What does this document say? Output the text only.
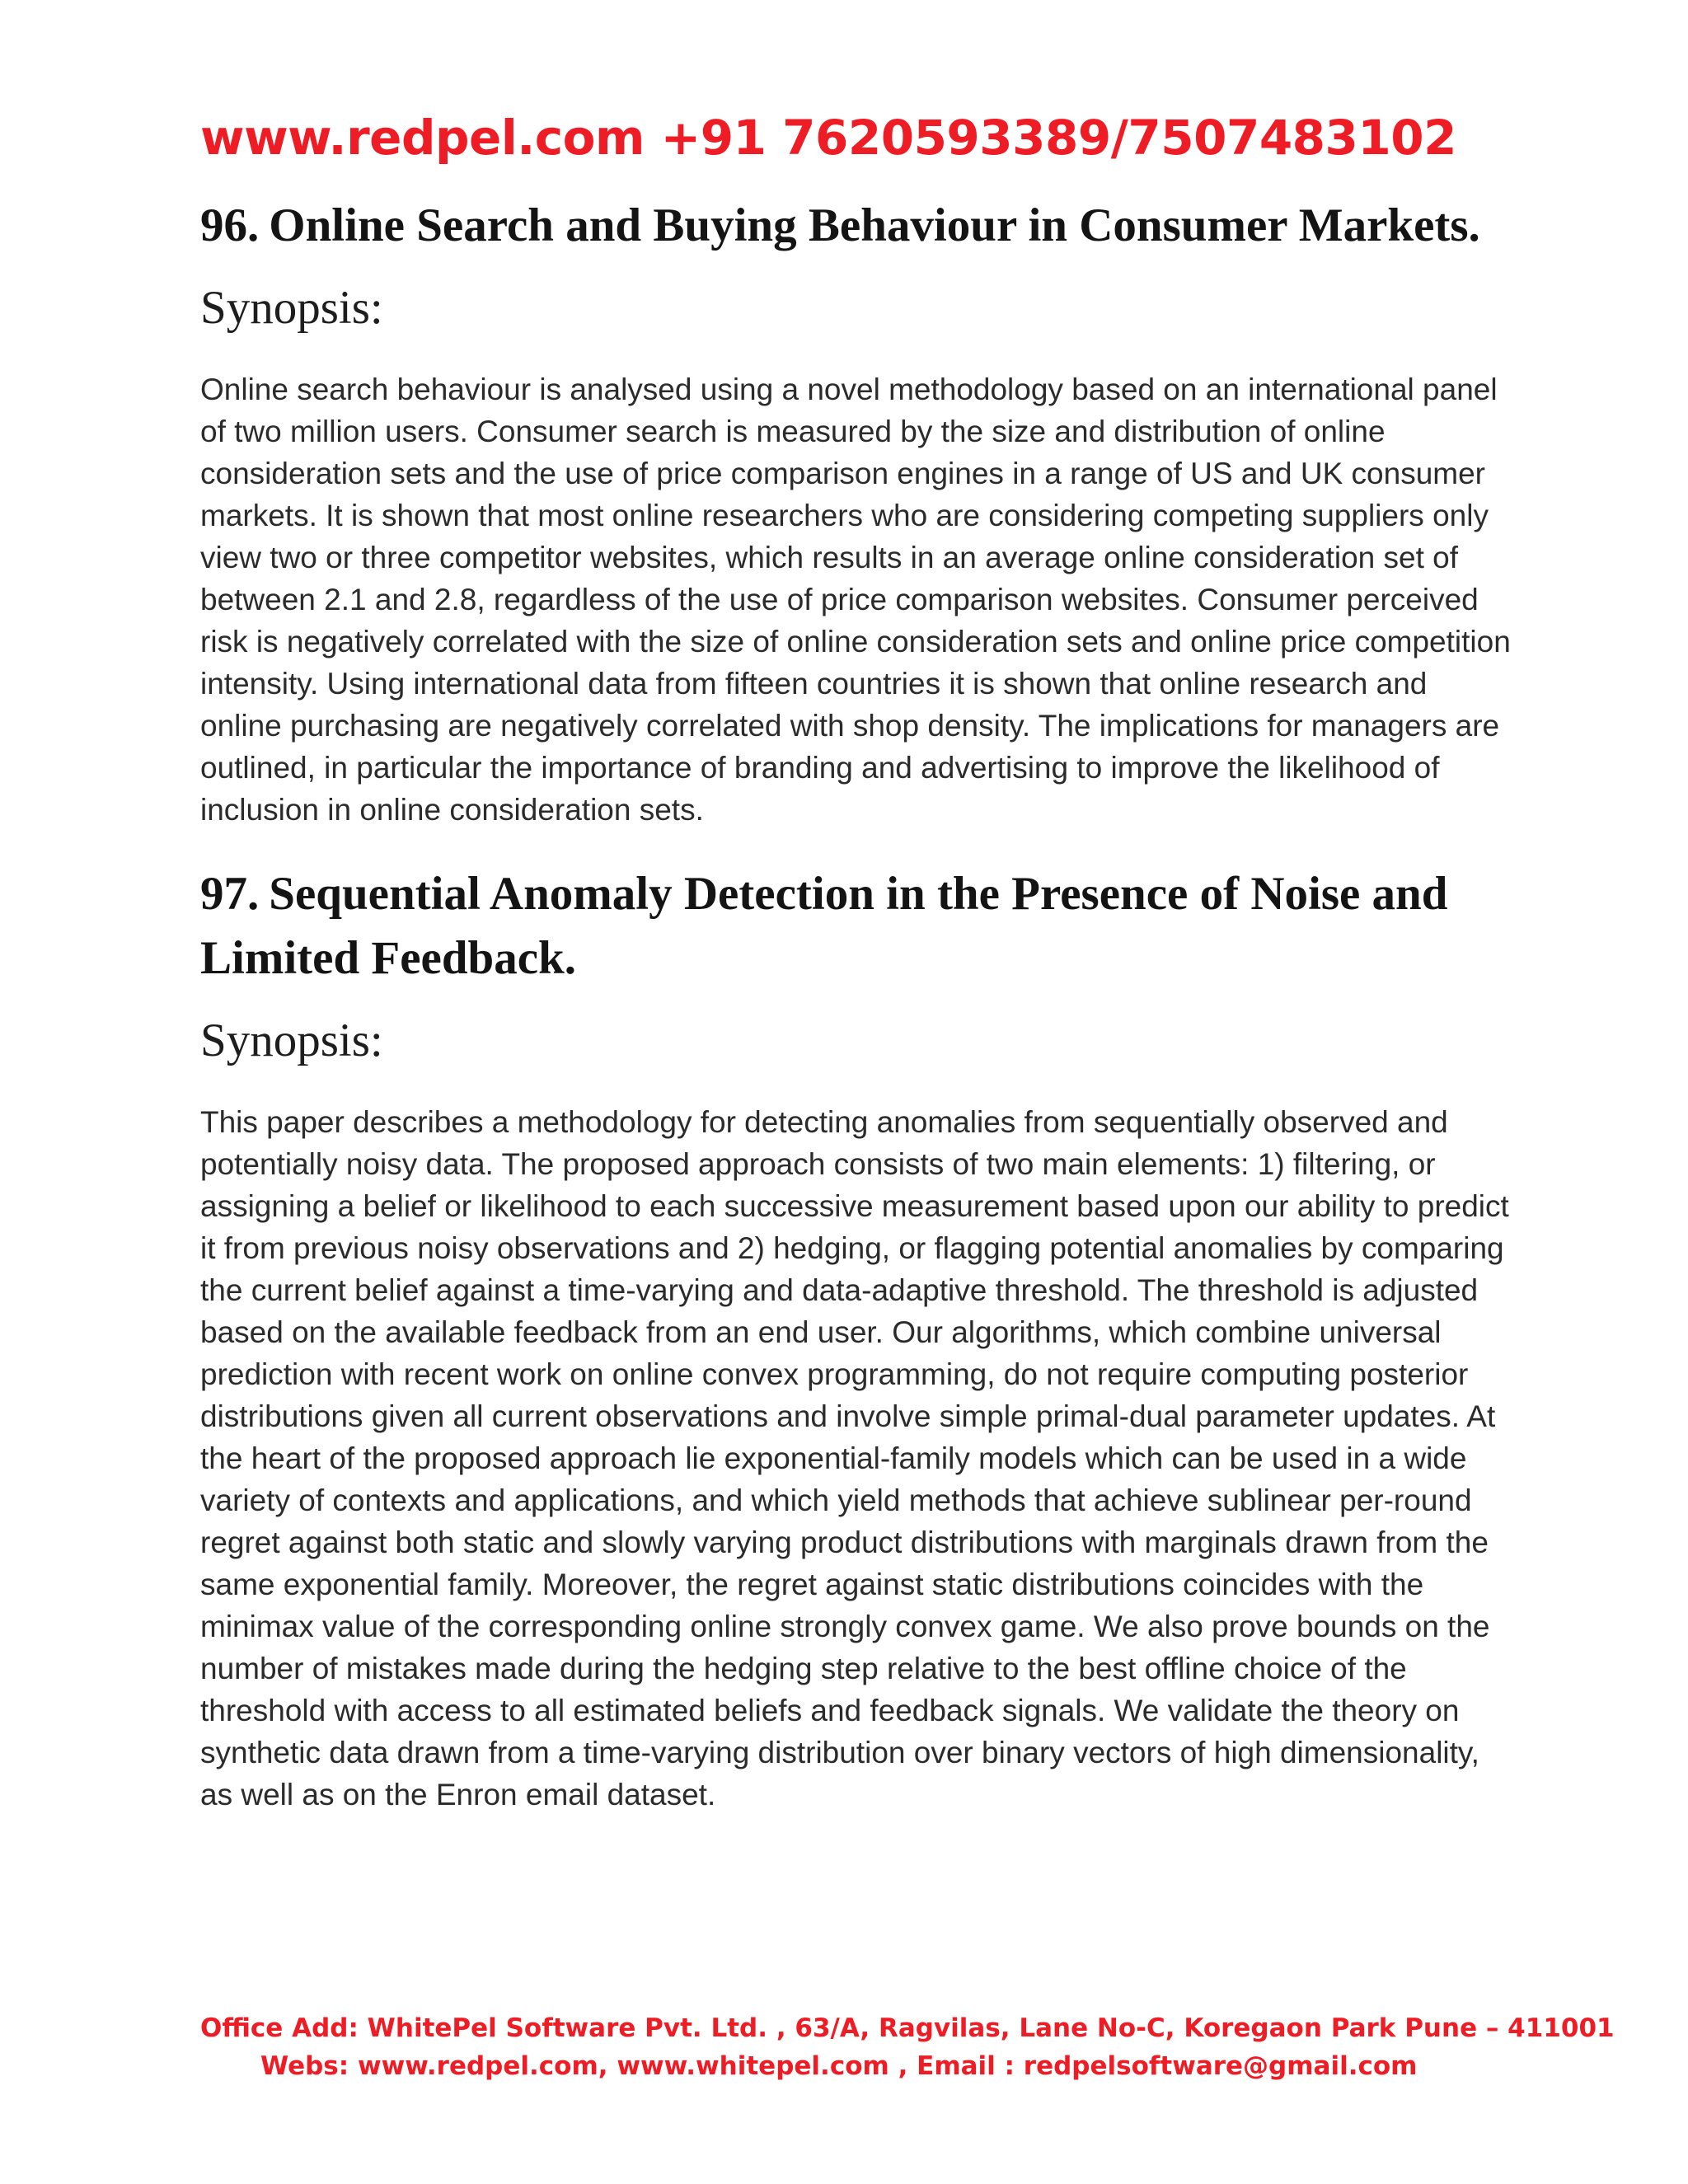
www.redpel.com +91 7620593389/7507483102

96. Online Search and Buying Behaviour in Consumer Markets.
Synopsis:

Online search behaviour is analysed using a novel methodology based on an international panel of two million users. Consumer search is measured by the size and distribution of online consideration sets and the use of price comparison engines in a range of US and UK consumer markets. It is shown that most online researchers who are considering competing suppliers only view two or three competitor websites, which results in an average online consideration set of between 2.1 and 2.8, regardless of the use of price comparison websites. Consumer perceived risk is negatively correlated with the size of online consideration sets and online price competition intensity. Using international data from fifteen countries it is shown that online research and online purchasing are negatively correlated with shop density. The implications for managers are outlined, in particular the importance of branding and advertising to improve the likelihood of inclusion in online consideration sets.

97. Sequential Anomaly Detection in the Presence of Noise and Limited Feedback.
Synopsis:

This paper describes a methodology for detecting anomalies from sequentially observed and potentially noisy data. The proposed approach consists of two main elements: 1) filtering, or assigning a belief or likelihood to each successive measurement based upon our ability to predict it from previous noisy observations and 2) hedging, or flagging potential anomalies by comparing the current belief against a time-varying and data-adaptive threshold. The threshold is adjusted based on the available feedback from an end user. Our algorithms, which combine universal prediction with recent work on online convex programming, do not require computing posterior distributions given all current observations and involve simple primal-dual parameter updates. At the heart of the proposed approach lie exponential-family models which can be used in a wide variety of contexts and applications, and which yield methods that achieve sublinear per-round regret against both static and slowly varying product distributions with marginals drawn from the same exponential family. Moreover, the regret against static distributions coincides with the minimax value of the corresponding online strongly convex game. We also prove bounds on the number of mistakes made during the hedging step relative to the best offline choice of the threshold with access to all estimated beliefs and feedback signals. We validate the theory on synthetic data drawn from a time-varying distribution over binary vectors of high dimensionality, as well as on the Enron email dataset.

Office Add: WhitePel Software Pvt. Ltd. , 63/A, Ragvilas, Lane No-C, Koregaon Park Pune – 411001
Webs: www.redpel.com, www.whitepel.com , Email : redpelsoftware@gmail.com
